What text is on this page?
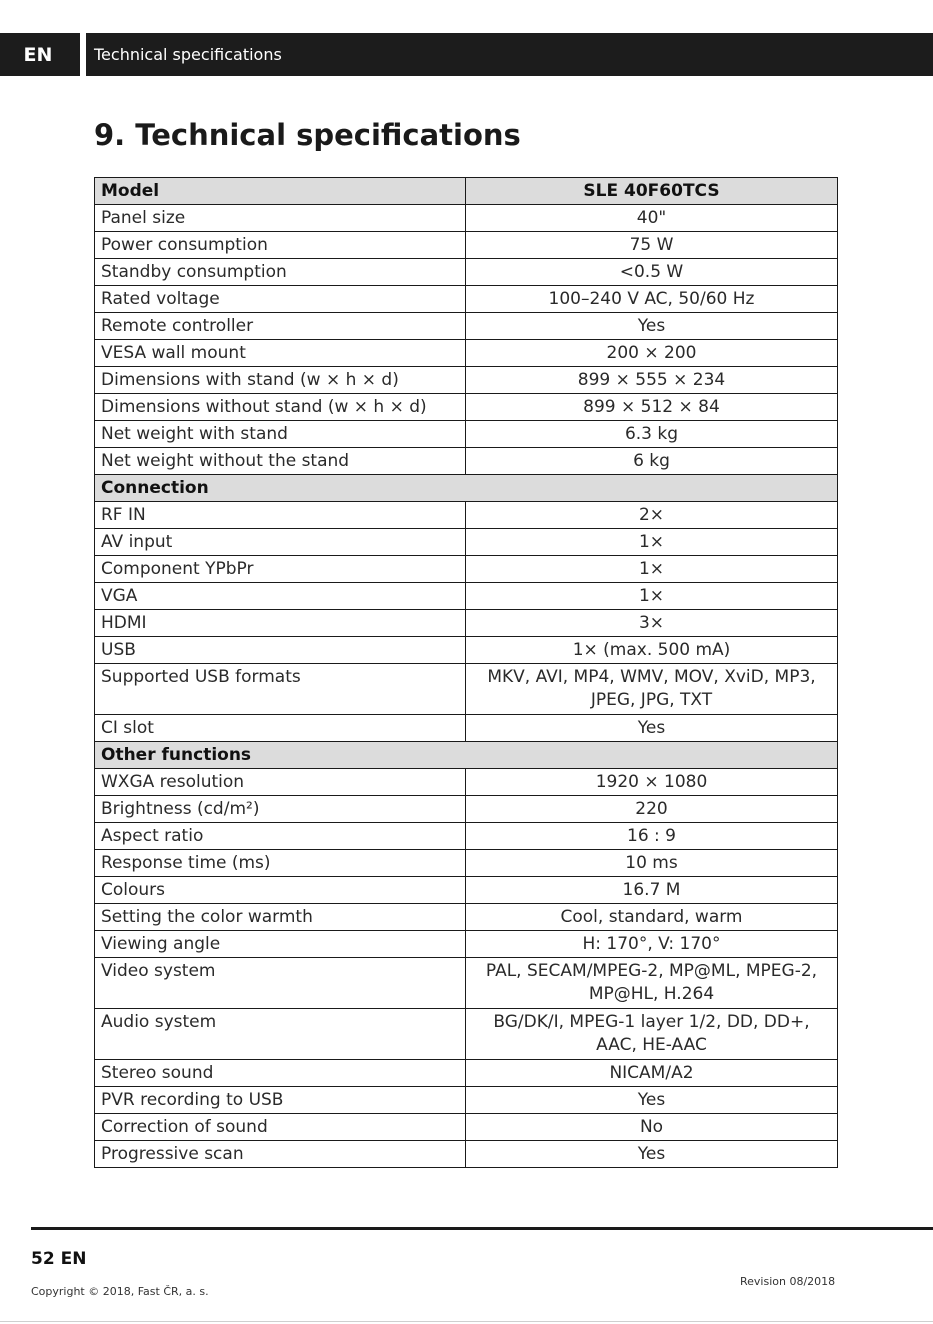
EN	Technical specifications
9. Technical specifications
Model	SLE 40F60TCS
Panel size	40"
Power consumption	75 W
Standby consumption	<0.5 W
Rated voltage	100–240 V AC, 50/60 Hz
Remote controller	Yes
VESA wall mount	200 × 200
Dimensions with stand (w × h × d)	899 × 555 × 234
Dimensions without stand (w × h × d)	899 × 512 × 84
Net weight with stand	6.3 kg
Net weight without the stand	6 kg
Connection	
RF IN	2×
AV input	1×
Component YPbPr	1×
VGA	1×
HDMI	3×
USB	1× (max. 500 mA)
Supported USB formats	MKV, AVI, MP4, WMV, MOV, XviD, MP3, JPEG, JPG, TXT
CI slot	Yes
Other functions	
WXGA resolution	1920 × 1080
Brightness (cd/m²)	220
Aspect ratio	16 : 9
Response time (ms)	10 ms
Colours	16.7 M
Setting the color warmth	Cool, standard, warm
Viewing angle	H: 170°, V: 170°
Video system	PAL, SECAM/MPEG-2, MP@ML, MPEG-2, MP@HL, H.264
Audio system	BG/DK/I, MPEG-1 layer 1/2, DD, DD+, AAC, HE-AAC
Stereo sound	NICAM/A2
PVR recording to USB	Yes
Correction of sound	No
Progressive scan	Yes
52 EN
Copyright © 2018, Fast ČR, a. s.
Revision 08/2018
